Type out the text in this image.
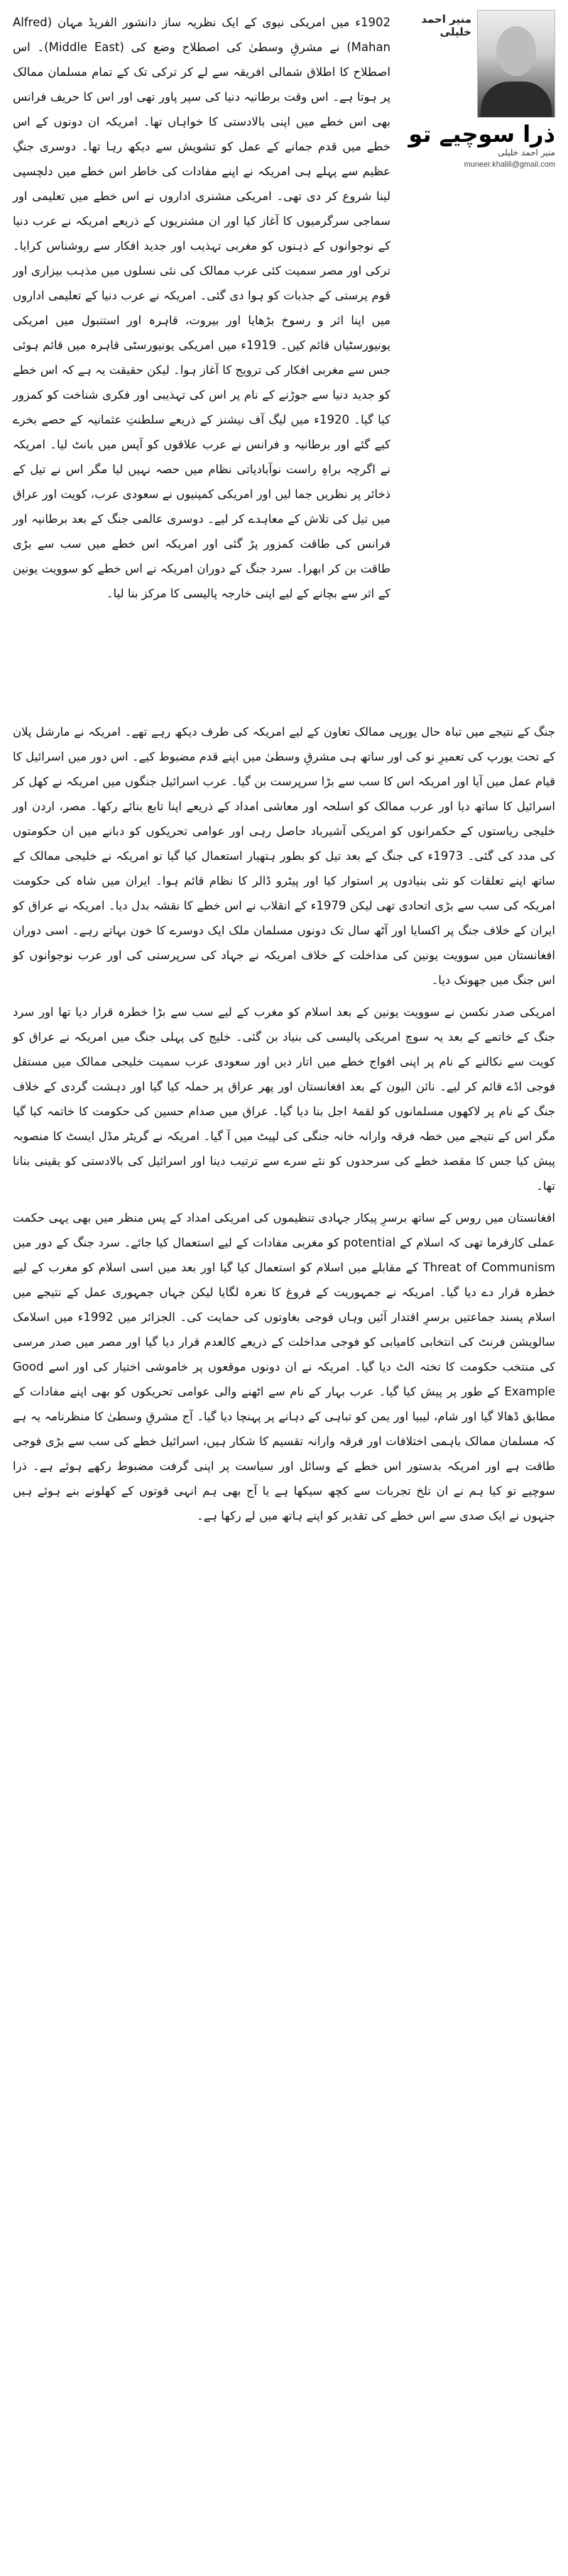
منیر احمد خلیلی
ذرا سوچیے تو
منیر احمد خلیلی
muneer.khalili@gmail.com

1902ء میں امریکی نیوی کے ایک نظریہ ساز دانشور الفریڈ مہان (Alfred Mahan) نے مشرقِ وسطیٰ کی اصطلاح وضع کی (Middle East)۔ اس اصطلاح کا اطلاق شمالی افریقہ سے لے کر ترکی تک کے تمام مسلمان ممالک پر ہوتا ہے۔ اس وقت برطانیہ دنیا کی سپر پاور تھی اور اس کا حریف فرانس بھی اس خطے میں اپنی بالادستی کا خواہاں تھا۔ امریکہ ان دونوں کے اس خطے میں قدم جمانے کے عمل کو تشویش سے دیکھ رہا تھا۔ دوسری جنگِ عظیم سے پہلے ہی امریکہ نے اپنے مفادات کی خاطر اس خطے میں دلچسپی لینا شروع کر دی تھی۔ امریکی مشنری اداروں نے اس خطے میں تعلیمی اور سماجی سرگرمیوں کا آغاز کیا اور ان مشنریوں کے ذریعے امریکہ نے عرب دنیا کے نوجوانوں کے ذہنوں کو مغربی تہذیب اور جدید افکار سے روشناس کرایا۔ ترکی اور مصر سمیت کئی عرب ممالک کی نئی نسلوں میں مذہب بیزاری اور قوم پرستی کے جذبات کو ہوا دی گئی۔ امریکہ نے عرب دنیا کے تعلیمی اداروں میں اپنا اثر و رسوخ بڑھایا اور بیروت، قاہرہ اور استنبول میں امریکی یونیورسٹیاں قائم کیں۔ 1919ء میں امریکی یونیورسٹی قاہرہ میں قائم ہوئی جس سے مغربی افکار کی ترویج کا آغاز ہوا۔ لیکن حقیقت یہ ہے کہ اس خطے کو جدید دنیا سے جوڑنے کے نام پر اس کی تہذیبی اور فکری شناخت کو کمزور کیا گیا۔ 1920ء میں لیگ آف نیشنز کے ذریعے سلطنتِ عثمانیہ کے حصے بخرے کیے گئے اور برطانیہ و فرانس نے عرب علاقوں کو آپس میں بانٹ لیا۔ امریکہ نے اگرچہ براہِ راست نوآبادیاتی نظام میں حصہ نہیں لیا مگر اس نے تیل کے ذخائر پر نظریں جما لیں اور امریکی کمپنیوں نے سعودی عرب، کویت اور عراق میں تیل کی تلاش کے معاہدے کر لیے۔ دوسری عالمی جنگ کے بعد برطانیہ اور فرانس کی طاقت کمزور پڑ گئی اور امریکہ اس خطے میں سب سے بڑی طاقت بن کر ابھرا۔ سرد جنگ کے دوران امریکہ نے اس خطے کو سوویت یونین کے اثر سے بچانے کے لیے اپنی خارجہ پالیسی کا مرکز بنا لیا۔

جنگ کے نتیجے میں تباہ حال یورپی ممالک تعاون کے لیے امریکہ کی طرف دیکھ رہے تھے۔ امریکہ نے مارشل پلان کے تحت یورپ کی تعمیرِ نو کی اور ساتھ ہی مشرقِ وسطیٰ میں اپنے قدم مضبوط کیے۔ اس دور میں اسرائیل کا قیام عمل میں آیا اور امریکہ اس کا سب سے بڑا سرپرست بن گیا۔ عرب اسرائیل جنگوں میں امریکہ نے کھل کر اسرائیل کا ساتھ دیا اور عرب ممالک کو اسلحہ اور معاشی امداد کے ذریعے اپنا تابع بنائے رکھا۔ مصر، اردن اور خلیجی ریاستوں کے حکمرانوں کو امریکی آشیرباد حاصل رہی اور عوامی تحریکوں کو دبانے میں ان حکومتوں کی مدد کی گئی۔ 1973ء کی جنگ کے بعد تیل کو بطور ہتھیار استعمال کیا گیا تو امریکہ نے خلیجی ممالک کے ساتھ اپنے تعلقات کو نئی بنیادوں پر استوار کیا اور پیٹرو ڈالر کا نظام قائم ہوا۔ ایران میں شاہ کی حکومت امریکہ کی سب سے بڑی اتحادی تھی لیکن 1979ء کے انقلاب نے اس خطے کا نقشہ بدل دیا۔ امریکہ نے عراق کو ایران کے خلاف جنگ پر اکسایا اور آٹھ سال تک دونوں مسلمان ملک ایک دوسرے کا خون بہاتے رہے۔ اسی دوران افغانستان میں سوویت یونین کی مداخلت کے خلاف امریکہ نے جہاد کی سرپرستی کی اور عرب نوجوانوں کو اس جنگ میں جھونک دیا۔

امریکی صدر نکسن نے سوویت یونین کے بعد اسلام کو مغرب کے لیے سب سے بڑا خطرہ قرار دیا تھا اور سرد جنگ کے خاتمے کے بعد یہ سوچ امریکی پالیسی کی بنیاد بن گئی۔ خلیج کی پہلی جنگ میں امریکہ نے عراق کو کویت سے نکالنے کے نام پر اپنی افواج خطے میں اتار دیں اور سعودی عرب سمیت خلیجی ممالک میں مستقل فوجی اڈے قائم کر لیے۔ نائن الیون کے بعد افغانستان اور پھر عراق پر حملہ کیا گیا اور دہشت گردی کے خلاف جنگ کے نام پر لاکھوں مسلمانوں کو لقمۂ اجل بنا دیا گیا۔ عراق میں صدام حسین کی حکومت کا خاتمہ کیا گیا مگر اس کے نتیجے میں خطہ فرقہ وارانہ خانہ جنگی کی لپیٹ میں آ گیا۔ امریکہ نے گریٹر مڈل ایسٹ کا منصوبہ پیش کیا جس کا مقصد خطے کی سرحدوں کو نئے سرے سے ترتیب دینا اور اسرائیل کی بالادستی کو یقینی بنانا تھا۔

افغانستان میں روس کے ساتھ برسرِ پیکار جہادی تنظیموں کی امریکی امداد کے پس منظر میں بھی یہی حکمت عملی کارفرما تھی کہ اسلام کے potential کو مغربی مفادات کے لیے استعمال کیا جائے۔ سرد جنگ کے دور میں Threat of Communism کے مقابلے میں اسلام کو استعمال کیا گیا اور بعد میں اسی اسلام کو مغرب کے لیے خطرہ قرار دے دیا گیا۔ امریکہ نے جمہوریت کے فروغ کا نعرہ لگایا لیکن جہاں جمہوری عمل کے نتیجے میں اسلام پسند جماعتیں برسرِ اقتدار آئیں وہاں فوجی بغاوتوں کی حمایت کی۔ الجزائر میں 1992ء میں اسلامک سالویشن فرنٹ کی انتخابی کامیابی کو فوجی مداخلت کے ذریعے کالعدم قرار دیا گیا اور مصر میں صدر مرسی کی منتخب حکومت کا تختہ الٹ دیا گیا۔ امریکہ نے ان دونوں موقعوں پر خاموشی اختیار کی اور اسے Good Example کے طور پر پیش کیا گیا۔ عرب بہار کے نام سے اٹھنے والی عوامی تحریکوں کو بھی اپنے مفادات کے مطابق ڈھالا گیا اور شام، لیبیا اور یمن کو تباہی کے دہانے پر پہنچا دیا گیا۔ آج مشرقِ وسطیٰ کا منظرنامہ یہ ہے کہ مسلمان ممالک باہمی اختلافات اور فرقہ وارانہ تقسیم کا شکار ہیں، اسرائیل خطے کی سب سے بڑی فوجی طاقت ہے اور امریکہ بدستور اس خطے کے وسائل اور سیاست پر اپنی گرفت مضبوط رکھے ہوئے ہے۔ ذرا سوچیے تو کیا ہم نے ان تلخ تجربات سے کچھ سیکھا ہے یا آج بھی ہم انہی قوتوں کے کھلونے بنے ہوئے ہیں جنہوں نے ایک صدی سے اس خطے کی تقدیر کو اپنے ہاتھ میں لے رکھا ہے۔
